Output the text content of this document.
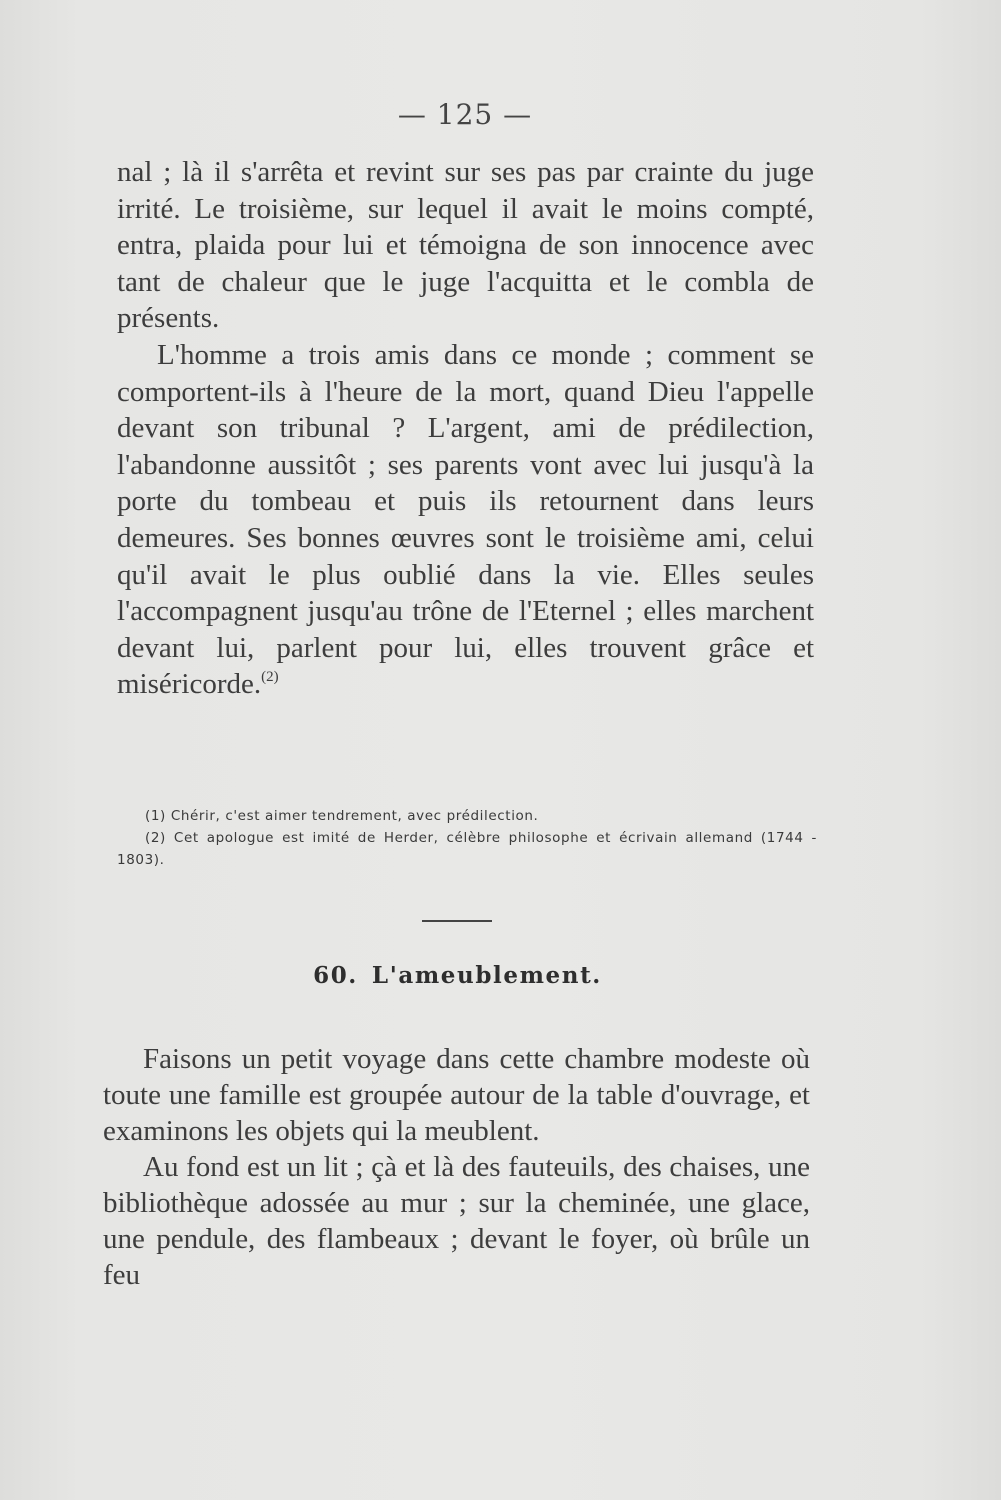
— 125 —

nal ; là il s'arrêta et revint sur ses pas par crainte du juge irrité. Le troisième, sur lequel il avait le moins compté, entra, plaida pour lui et témoigna de son innocence avec tant de chaleur que le juge l'acquitta et le combla de présents.

L'homme a trois amis dans ce monde ; comment se comportent-ils à l'heure de la mort, quand Dieu l'appelle devant son tribunal ? L'argent, ami de prédilection, l'abandonne aussitôt ; ses parents vont avec lui jusqu'à la porte du tombeau et puis ils retournent dans leurs demeures. Ses bonnes œuvres sont le troisième ami, celui qu'il avait le plus oublié dans la vie. Elles seules l'accompagnent jusqu'au trône de l'Eternel ; elles marchent devant lui, parlent pour lui, elles trouvent grâce et miséricorde.$^{(2)}$

(1) Chérir, c'est aimer tendrement, avec prédilection.

(2) Cet apologue est imité de Herder, célèbre philosophe et écrivain allemand (1744 - 1803).

60. L'ameublement.

Faisons un petit voyage dans cette chambre modeste où toute une famille est groupée autour de la table d'ouvrage, et examinons les objets qui la meublent.

Au fond est un lit ; çà et là des fauteuils, des chaises, une bibliothèque adossée au mur ; sur la cheminée, une glace, une pendule, des flambeaux ; devant le foyer, où brûle un feu
